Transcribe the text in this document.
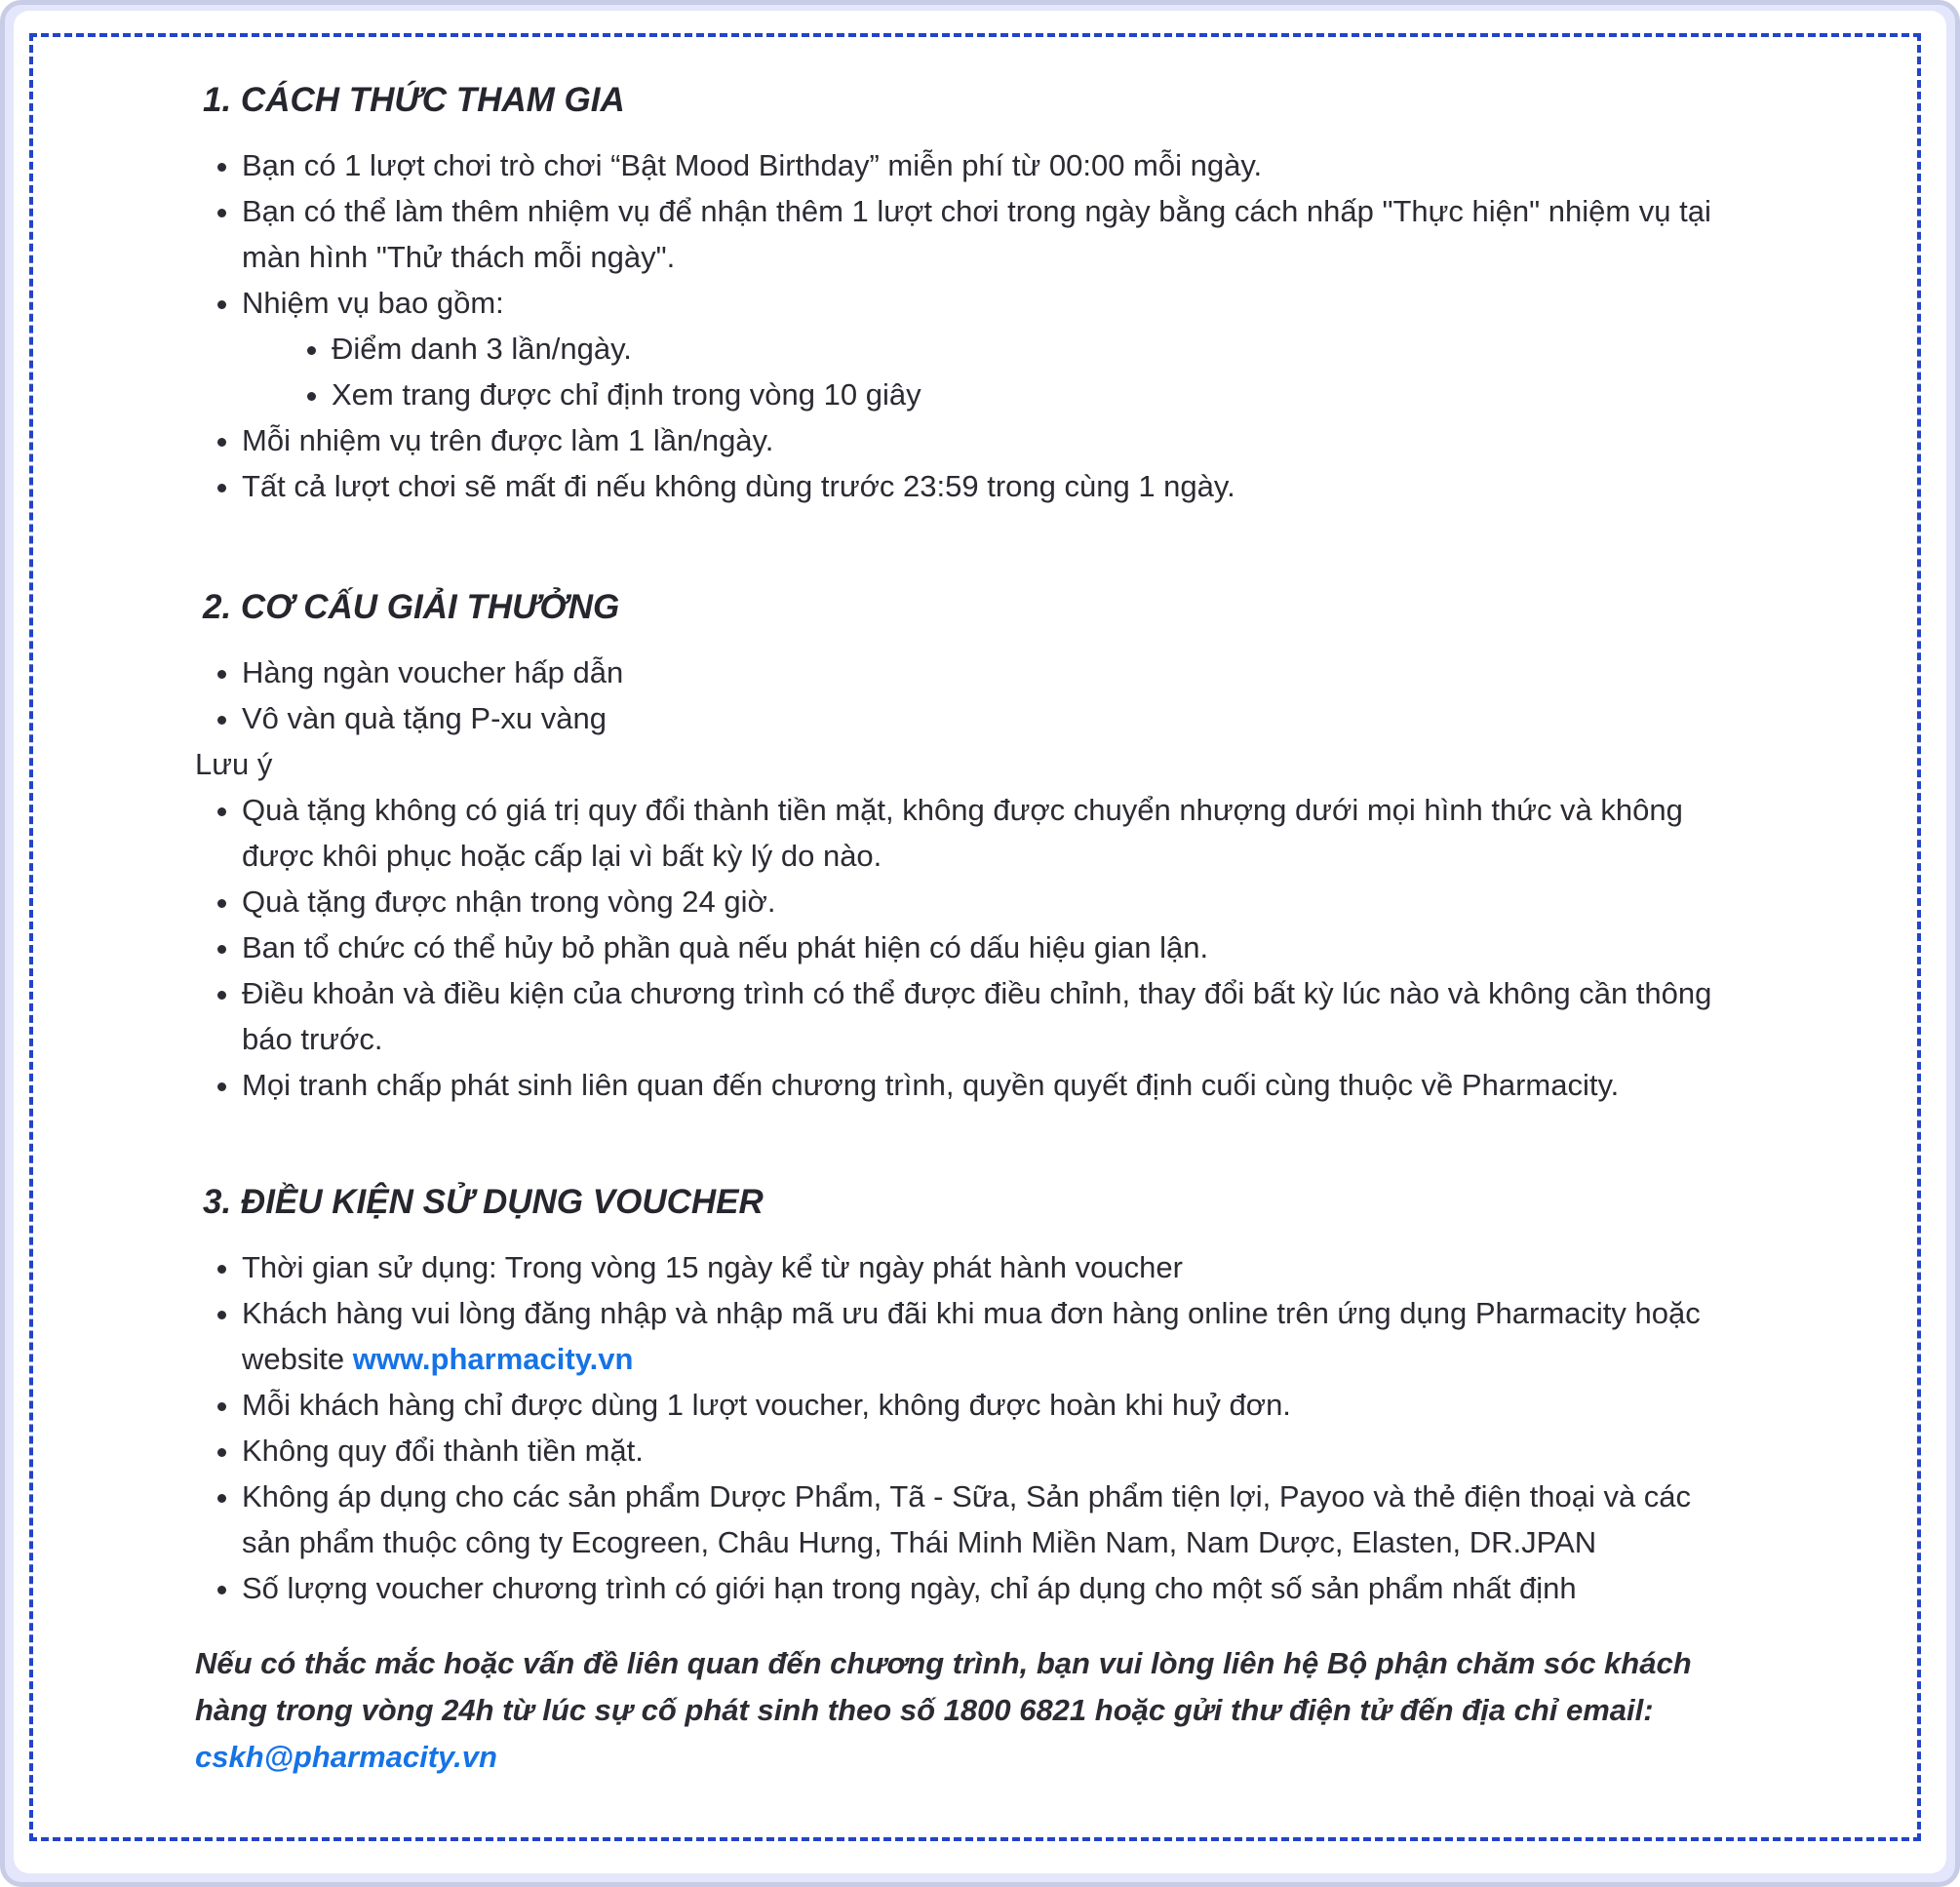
1. CÁCH THỨC THAM GIA
• Bạn có 1 lượt chơi trò chơi “Bật Mood Birthday” miễn phí từ 00:00 mỗi ngày.
• Bạn có thể làm thêm nhiệm vụ để nhận thêm 1 lượt chơi trong ngày bằng cách nhấp "Thực hiện" nhiệm vụ tại màn hình "Thử thách mỗi ngày".
• Nhiệm vụ bao gồm:
• Điểm danh 3 lần/ngày.
• Xem trang được chỉ định trong vòng 10 giây
• Mỗi nhiệm vụ trên được làm 1 lần/ngày.
• Tất cả lượt chơi sẽ mất đi nếu không dùng trước 23:59 trong cùng 1 ngày.
2. CƠ CẤU GIẢI THƯỞNG
• Hàng ngàn voucher hấp dẫn
• Vô vàn quà tặng P-xu vàng

Lưu ý

• Quà tặng không có giá trị quy đổi thành tiền mặt, không được chuyển nhượng dưới mọi hình thức và không được khôi phục hoặc cấp lại vì bất kỳ lý do nào.
• Quà tặng được nhận trong vòng 24 giờ.
• Ban tổ chức có thể hủy bỏ phần quà nếu phát hiện có dấu hiệu gian lận.
• Điều khoản và điều kiện của chương trình có thể được điều chỉnh, thay đổi bất kỳ lúc nào và không cần thông báo trước.
• Mọi tranh chấp phát sinh liên quan đến chương trình, quyền quyết định cuối cùng thuộc về Pharmacity.
3. ĐIỀU KIỆN SỬ DỤNG VOUCHER
• Thời gian sử dụng: Trong vòng 15 ngày kể từ ngày phát hành voucher
• Khách hàng vui lòng đăng nhập và nhập mã ưu đãi khi mua đơn hàng online trên ứng dụng Pharmacity hoặc website www.pharmacity.vn
• Mỗi khách hàng chỉ được dùng 1 lượt voucher, không được hoàn khi huỷ đơn.
• Không quy đổi thành tiền mặt.
• Không áp dụng cho các sản phẩm Dược Phẩm, Tã - Sữa, Sản phẩm tiện lợi, Payoo và thẻ điện thoại và các sản phẩm thuộc công ty Ecogreen, Châu Hưng, Thái Minh Miền Nam, Nam Dược, Elasten, DR.JPAN
• Số lượng voucher chương trình có giới hạn trong ngày, chỉ áp dụng cho một số sản phẩm nhất định

Nếu có thắc mắc hoặc vấn đề liên quan đến chương trình, bạn vui lòng liên hệ Bộ phận chăm sóc khách hàng trong vòng 24h từ lúc sự cố phát sinh theo số 1800 6821 hoặc gửi thư điện tử đến địa chỉ email: cskh@pharmacity.vn
